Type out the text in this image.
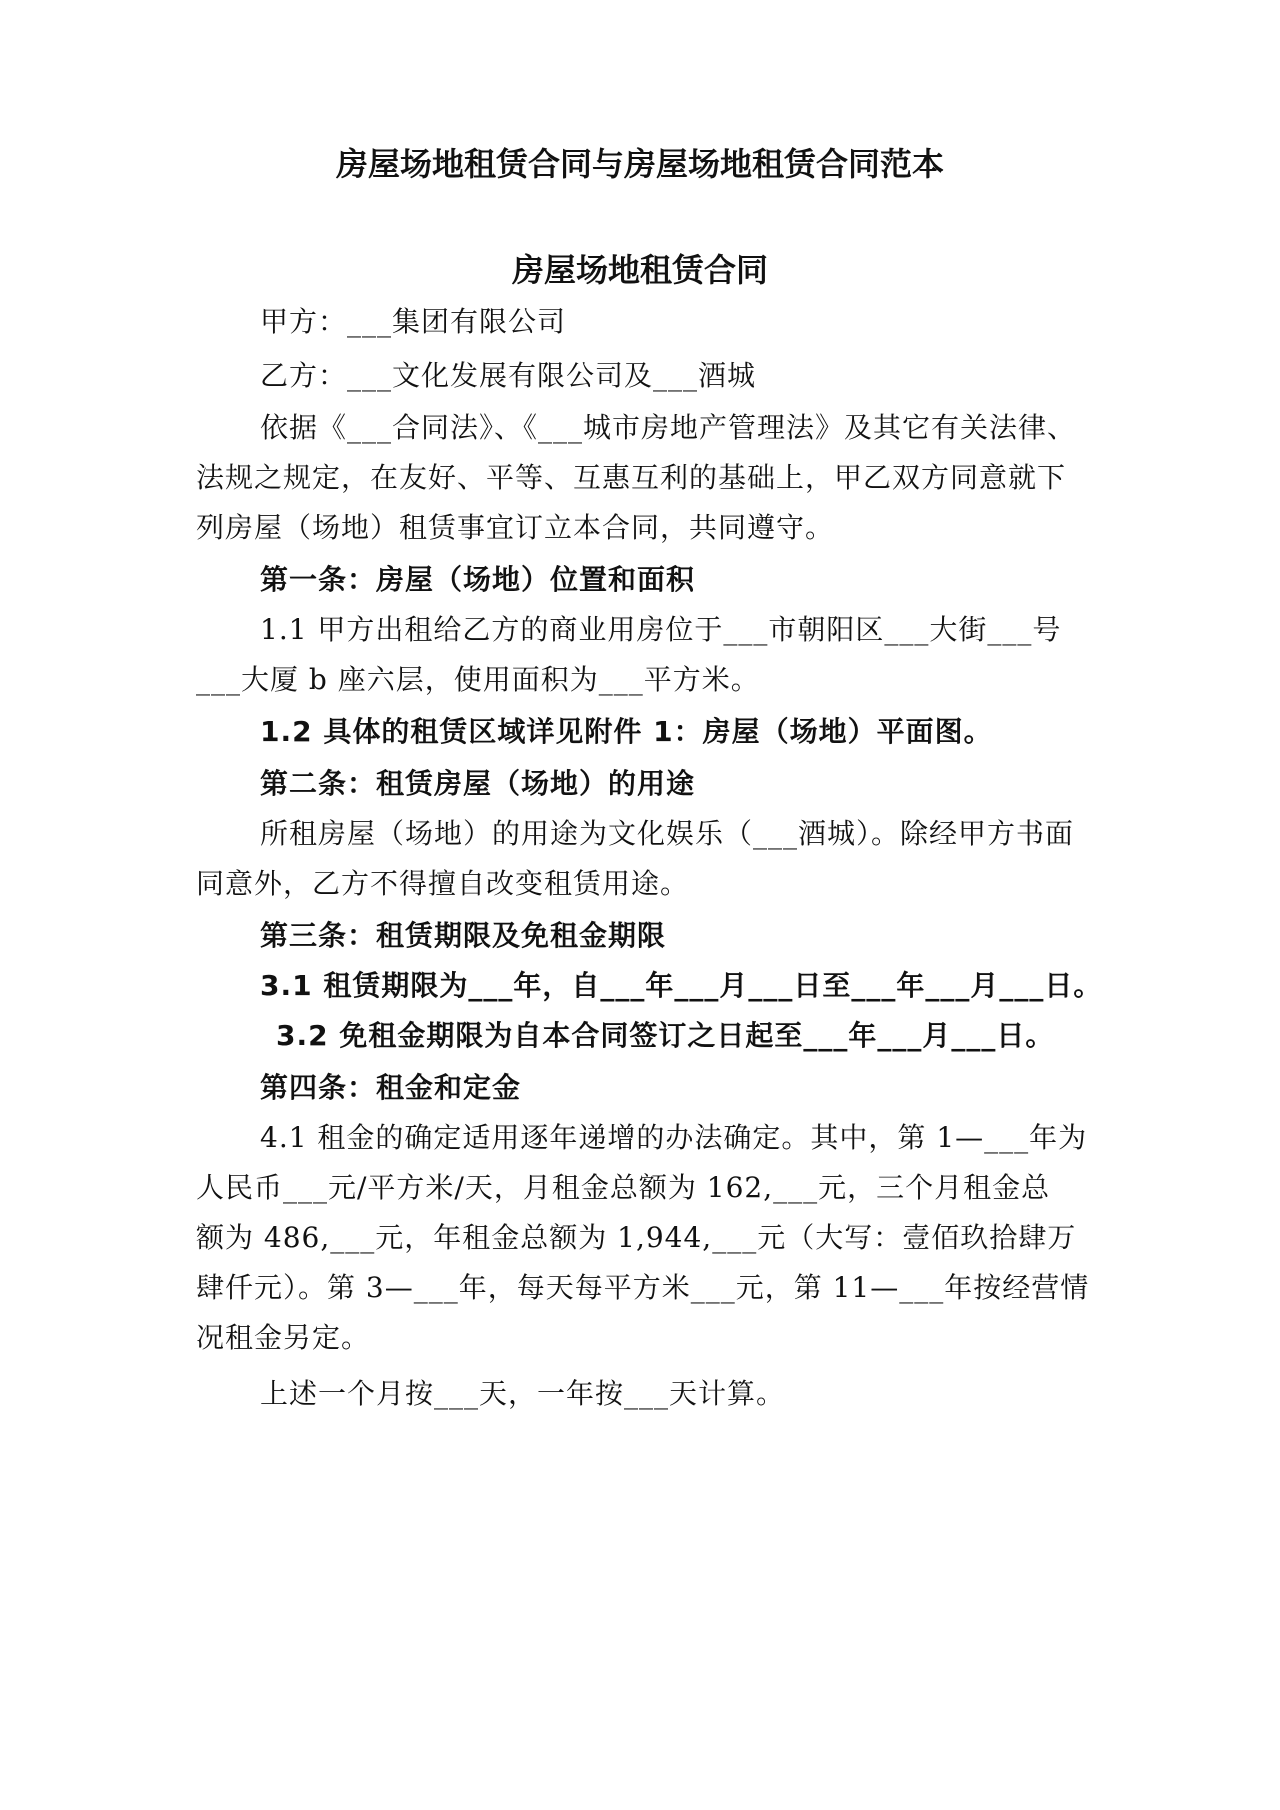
房屋场地租赁合同与房屋场地租赁合同范本
房屋场地租赁合同
甲方：___集团有限公司
乙方：___文化发展有限公司及___酒城
依据《___合同法》、《___城市房地产管理法》及其它有关法律、
法规之规定，在友好、平等、互惠互利的基础上，甲乙双方同意就下
列房屋（场地）租赁事宜订立本合同，共同遵守。
第一条：房屋（场地）位置和面积
1.1 甲方出租给乙方的商业用房位于___市朝阳区___大街___号
___大厦 b 座六层，使用面积为___平方米。
1.2 具体的租赁区域详见附件 1：房屋（场地）平面图。
第二条：租赁房屋（场地）的用途
所租房屋（场地）的用途为文化娱乐（___酒城）。除经甲方书面
同意外，乙方不得擅自改变租赁用途。
第三条：租赁期限及免租金期限
3.1 租赁期限为___年，自___年___月___日至___年___月___日。
3.2 免租金期限为自本合同签订之日起至___年___月___日。
第四条：租金和定金
4.1 租金的确定适用逐年递增的办法确定。其中，第 1—___年为
人民币___元/平方米/天，月租金总额为 162,___元，三个月租金总
额为 486,___元，年租金总额为 1,944,___元（大写：壹佰玖拾肆万
肆仟元）。第 3—___年，每天每平方米___元，第 11—___年按经营情
况租金另定。
上述一个月按___天，一年按___天计算。
